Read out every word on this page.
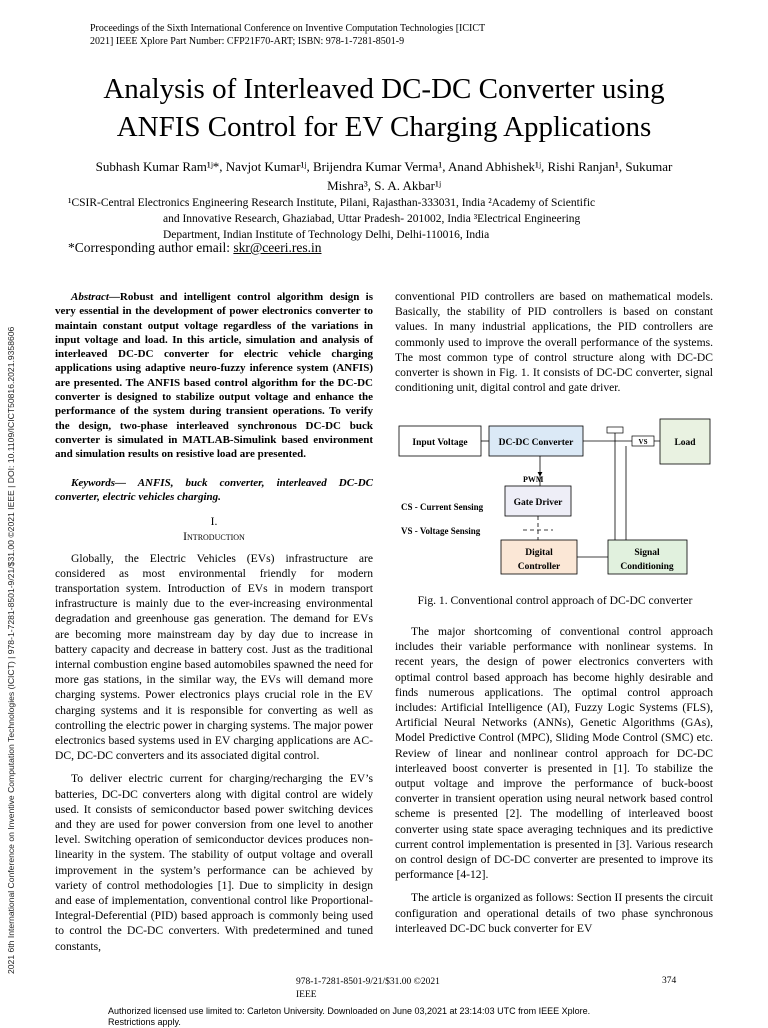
Proceedings of the Sixth International Conference on Inventive Computation Technologies [ICICT
2021] IEEE Xplore Part Number: CFP21F70-ART; ISBN: 978-1-7281-8501-9
Analysis of Interleaved DC-DC Converter using
ANFIS Control for EV Charging Applications
Subhash Kumar Ram¹ʲ*, Navjot Kumar¹ʲ, Brijendra Kumar Verma¹, Anand Abhishek¹ʲ, Rishi Ranjan¹, Sukumar
Mishra³, S. A. Akbar¹ʲ
¹CSIR-Central Electronics Engineering Research Institute, Pilani, Rajasthan-333031, India ²Academy of Scientific
and Innovative Research, Ghaziabad, Uttar Pradesh- 201002, India ³Electrical Engineering
Department, Indian Institute of Technology Delhi, Delhi-110016, India
*Corresponding author email: skr@ceeri.res.in
2021 6th International Conference on Inventive Computation Technologies (ICICT) | 978-1-7281-8501-9/21/$31.00 ©2021 IEEE | DOI: 10.1109/ICICT50816.2021.9358606

Abstract—Robust and intelligent control algorithm design is very essential in the development of power electronics converter to maintain constant output voltage regardless of the variations in input voltage and load. In this article, simulation and analysis of interleaved DC-DC converter for electric vehicle charging applications using adaptive neuro-fuzzy inference system (ANFIS) are presented. The ANFIS based control algorithm for the DC-DC converter is designed to stabilize output voltage and enhance the performance of the system during transient operations. To verify the design, two-phase interleaved synchronous DC-DC buck converter is simulated in MATLAB-Simulink based environment and simulation results on resistive load are presented.

Keywords— ANFIS, buck converter, interleaved DC-DC converter, electric vehicles charging.

I.
Introduction

Globally, the Electric Vehicles (EVs) infrastructure are considered as most environmental friendly for modern transportation system. Introduction of EVs in modern transport infrastructure is mainly due to the ever-increasing environmental degradation and greenhouse gas generation. The demand for EVs are becoming more mainstream day by day due to increase in battery capacity and decrease in battery cost. Just as the traditional internal combustion engine based automobiles spawned the need for more gas stations, in the similar way, the EVs will demand more charging systems. Power electronics plays crucial role in the EV charging systems and it is responsible for converting as well as controlling the electric power in charging systems. The major power electronics based systems used in EV charging applications are AC-DC, DC-DC converters and its associated digital control.

To deliver electric current for charging/recharging the EV’s batteries, DC-DC converters along with digital control are widely used. It consists of semiconductor based power switching devices and they are used for power conversion from one level to another level. Switching operation of semiconductor devices produces non-linearity in the system. The stability of output voltage and overall improvement in the system’s performance can be achieved by variety of control methodologies [1]. Due to simplicity in design and ease of implementation, conventional control like Proportional-Integral-Deferential (PID) based approach is commonly being used to control the DC-DC converters. With predetermined and tuned constants,

conventional PID controllers are based on mathematical models. Basically, the stability of PID controllers is based on constant values. In many industrial applications, the PID controllers are commonly used to improve the overall performance of the systems. The most common type of control structure along with DC-DC converter is shown in Fig. 1. It consists of DC-DC converter, signal conditioning unit, digital control and gate driver.

Input Voltage	DC-DC Converter	VS	Load
PWM
Gate Driver
CS - Current Sensing
VS - Voltage Sensing
Digital
Controller
Signal
Conditioning
Fig. 1. Conventional control approach of DC-DC converter

The major shortcoming of conventional control approach includes their variable performance with nonlinear systems. In recent years, the design of power electronics converters with optimal control based approach has become highly desirable and finds numerous applications. The optimal control approach includes: Artificial Intelligence (AI), Fuzzy Logic Systems (FLS), Artificial Neural Networks (ANNs), Genetic Algorithms (GAs), Model Predictive Control (MPC), Sliding Mode Control (SMC) etc. Review of linear and nonlinear control approach for DC-DC interleaved boost converter is presented in [1]. To stabilize the output voltage and improve the performance of buck-boost converter in transient operation using neural network based control scheme is presented [2]. The modelling of interleaved boost converter using state space averaging techniques and its predictive current control implementation is presented in [3]. Various research on control design of DC-DC converter are presented to improve its performance [4-12].

The article is organized as follows: Section II presents the circuit configuration and operational details of two phase synchronous interleaved DC-DC buck converter for EV

978-1-7281-8501-9/21/$31.00 ©2021
IEEE
374
Authorized licensed use limited to: Carleton University. Downloaded on June 03,2021 at 23:14:03 UTC from IEEE Xplore.
Restrictions apply.
